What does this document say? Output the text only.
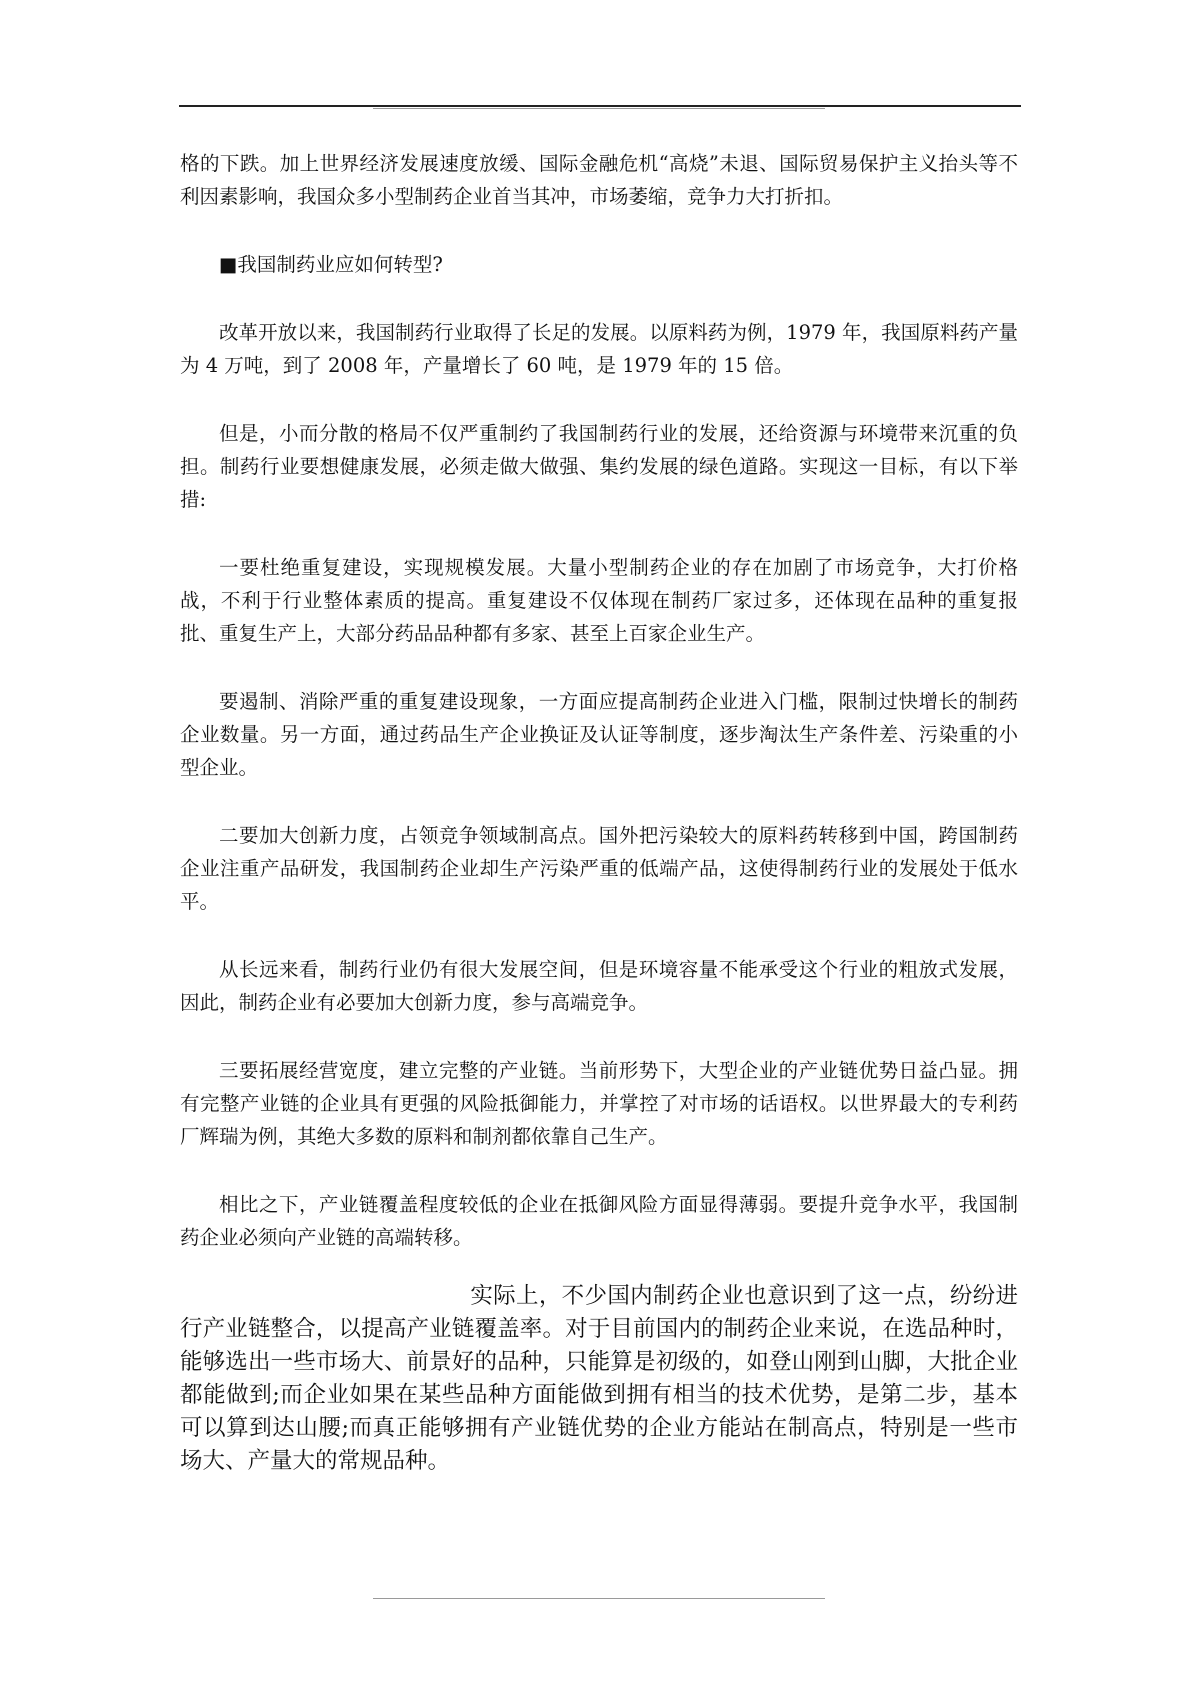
格的下跌。加上世界经济发展速度放缓、国际金融危机“高烧”未退、国际贸易保护主义抬头等不利因素影响，我国众多小型制药企业首当其冲，市场萎缩，竞争力大打折扣。

■我国制药业应如何转型?

改革开放以来，我国制药行业取得了长足的发展。以原料药为例，1979 年，我国原料药产量为 4 万吨，到了 2008 年，产量增长了 60 吨，是 1979 年的 15 倍。

但是，小而分散的格局不仅严重制约了我国制药行业的发展，还给资源与环境带来沉重的负担。制药行业要想健康发展，必须走做大做强、集约发展的绿色道路。实现这一目标，有以下举措:

一要杜绝重复建设，实现规模发展。大量小型制药企业的存在加剧了市场竞争，大打价格战，不利于行业整体素质的提高。重复建设不仅体现在制药厂家过多，还体现在品种的重复报批、重复生产上，大部分药品品种都有多家、甚至上百家企业生产。

要遏制、消除严重的重复建设现象，一方面应提高制药企业进入门槛，限制过快增长的制药企业数量。另一方面，通过药品生产企业换证及认证等制度，逐步淘汰生产条件差、污染重的小型企业。

二要加大创新力度，占领竞争领域制高点。国外把污染较大的原料药转移到中国，跨国制药企业注重产品研发，我国制药企业却生产污染严重的低端产品，这使得制药行业的发展处于低水平。

从长远来看，制药行业仍有很大发展空间，但是环境容量不能承受这个行业的粗放式发展，因此，制药企业有必要加大创新力度，参与高端竞争。

三要拓展经营宽度，建立完整的产业链。当前形势下，大型企业的产业链优势日益凸显。拥有完整产业链的企业具有更强的风险抵御能力，并掌控了对市场的话语权。以世界最大的专利药厂辉瑞为例，其绝大多数的原料和制剂都依靠自己生产。

相比之下，产业链覆盖程度较低的企业在抵御风险方面显得薄弱。要提升竞争水平，我国制药企业必须向产业链的高端转移。

实际上，不少国内制药企业也意识到了这一点，纷纷进行产业链整合，以提高产业链覆盖率。对于目前国内的制药企业来说，在选品种时，能够选出一些市场大、前景好的品种，只能算是初级的，如登山刚到山脚，大批企业都能做到;而企业如果在某些品种方面能做到拥有相当的技术优势，是第二步，基本可以算到达山腰;而真正能够拥有产业链优势的企业方能站在制高点，特别是一些市场大、产量大的常规品种。
